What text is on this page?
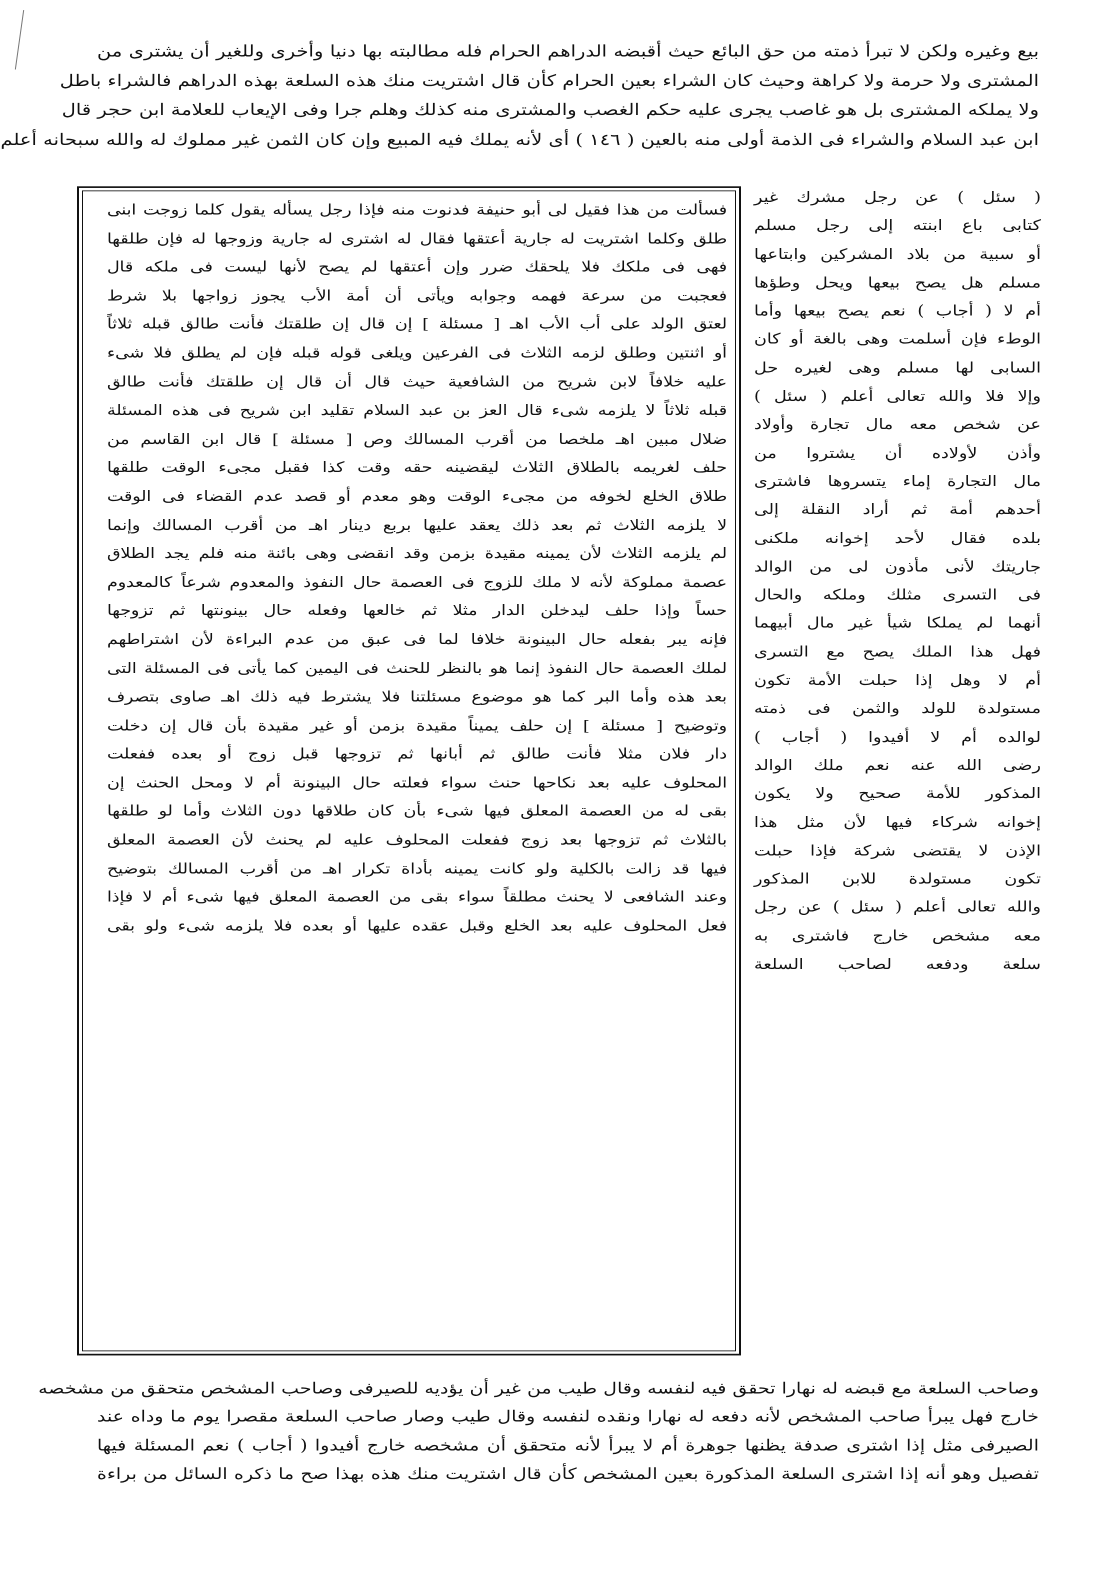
بيع وغيره ولكن لا تبرأ ذمته من حق البائع حيث أقبضه الدراهم الحرام فله مطالبته بها دنيا وأخرى وللغير أن يشترى من
المشترى ولا حرمة ولا كراهة وحيث كان الشراء بعين الحرام كأن قال اشتريت منك هذه السلعة بهذه الدراهم فالشراء باطل
ولا يملكه المشترى بل هو غاصب يجرى عليه حكم الغصب والمشترى منه كذلك وهلم جرا وفى الإيعاب للعلامة ابن حجر قال
ابن عبد السلام والشراء فى الذمة أولى منه بالعين ( ١٤٦ ) أى لأنه يملك فيه المبيع وإن كان الثمن غير مملوك له والله سبحانه أعلم
( سئل ) عن رجل مشرك غير
كتابى باع ابنته إلى رجل مسلم
أو سبية من بلاد المشركين وابتاعها
مسلم هل يصح بيعها ويحل وطؤها
أم لا ( أجاب ) نعم يصح بيعها وأما
الوطء فإن أسلمت وهى بالغة أو كان
السابى لها مسلم وهى لغيره حل
وإلا فلا والله تعالى أعلم ( سئل )
عن شخص معه مال تجارة وأولاد
وأذن لأولاده أن يشتروا من
مال التجارة إماء يتسروها فاشترى
أحدهم أمة ثم أراد النقلة إلى
بلده فقال لأحد إخوانه ملكنى
جاريتك لأنى مأذون لى من الوالد
فى التسرى مثلك وملكه والحال
أنهما لم يملكا شيأ غير مال أبيهما
فهل هذا الملك يصح مع التسرى
أم لا وهل إذا حبلت الأمة تكون
مستولدة للولد والثمن فى ذمته
لوالده أم لا أفيدوا ( أجاب )
رضى الله عنه نعم ملك الوالد
المذكور للأمة صحيح ولا يكون
إخوانه شركاء فيها لأن مثل هذا
الإذن لا يقتضى شركة فإذا حبلت
تكون مستولدة للابن المذكور
والله تعالى أعلم ( سئل ) عن رجل
معه مشخص خارج فاشترى به
سلعة ودفعه لصاحب السلعة
فسألت من هذا فقيل لى أبو حنيفة فدنوت منه فإذا رجل يسأله يقول كلما زوجت ابنى
طلق وكلما اشتريت له جارية أعتقها فقال له اشترى له جارية وزوجها له فإن طلقها
فهى فى ملكك فلا يلحقك ضرر وإن أعتقها لم يصح لأنها ليست فى ملكه قال
فعجبت من سرعة فهمه وجوابه ويأتى أن أمة الأب يجوز زواجها بلا شرط
لعتق الولد على أب الأب اهـ [ مسئلة ] إن قال إن طلقتك فأنت طالق قبله ثلاثاً
أو اثنتين وطلق لزمه الثلاث فى الفرعين ويلغى قوله قبله فإن لم يطلق فلا شىء
عليه خلافاً لابن شريح من الشافعية حيث قال أن قال إن طلقتك فأنت طالق
قبله ثلاثاً لا يلزمه شىء قال العز بن عبد السلام تقليد ابن شريح فى هذه المسئلة
ضلال مبين اهـ ملخصا من أقرب المسالك وص [ مسئلة ] قال ابن القاسم من
حلف لغريمه بالطلاق الثلاث ليقضينه حقه وقت كذا فقبل مجىء الوقت طلقها
طلاق الخلع لخوفه من مجىء الوقت وهو معدم أو قصد عدم القضاء فى الوقت
لا يلزمه الثلاث ثم بعد ذلك يعقد عليها بربع دينار اهـ من أقرب المسالك وإنما
لم يلزمه الثلاث لأن يمينه مقيدة بزمن وقد انقضى وهى بائنة منه فلم يجد الطلاق
عصمة مملوكة لأنه لا ملك للزوج فى العصمة حال النفوذ والمعدوم شرعاً كالمعدوم
حساً وإذا حلف ليدخلن الدار مثلا ثم خالعها وفعله حال بينونتها ثم تزوجها
فإنه يبر بفعله حال البينونة خلافا لما فى عبق من عدم البراءة لأن اشتراطهم
لملك العصمة حال النفوذ إنما هو بالنظر للحنث فى اليمين كما يأتى فى المسئلة التى
بعد هذه وأما البر كما هو موضوع مسئلتنا فلا يشترط فيه ذلك اهـ صاوى بتصرف
وتوضيح [ مسئلة ] إن حلف يميناً مقيدة بزمن أو غير مقيدة بأن قال إن دخلت
دار فلان مثلا فأنت طالق ثم أبانها ثم تزوجها قبل زوج أو بعده ففعلت
المحلوف عليه بعد نكاحها حنث سواء فعلته حال البينونة أم لا ومحل الحنث إن
بقى له من العصمة المعلق فيها شىء بأن كان طلاقها دون الثلاث وأما لو طلقها
بالثلاث ثم تزوجها بعد زوج ففعلت المحلوف عليه لم يحنث لأن العصمة المعلق
فيها قد زالت بالكلية ولو كانت يمينه بأداة تكرار اهـ من أقرب المسالك بتوضيح
وعند الشافعى لا يحنث مطلقاً سواء بقى من العصمة المعلق فيها شىء أم لا فإذا
فعل المحلوف عليه بعد الخلع وقبل عقده عليها أو بعده فلا يلزمه شىء ولو بقى
وصاحب السلعة مع قبضه له نهارا تحقق فيه لنفسه وقال طيب من غير أن يؤديه للصيرفى وصاحب المشخص متحقق من مشخصه
خارج فهل يبرأ صاحب المشخص لأنه دفعه له نهارا ونقده لنفسه وقال طيب وصار صاحب السلعة مقصرا يوم ما وداه عند
الصيرفى مثل إذا اشترى صدفة يظنها جوهرة أم لا يبرأ لأنه متحقق أن مشخصه خارج أفيدوا ( أجاب ) نعم المسئلة فيها
تفصيل وهو أنه إذا اشترى السلعة المذكورة بعين المشخص كأن قال اشتريت منك هذه بهذا صح ما ذكره السائل من براءة
